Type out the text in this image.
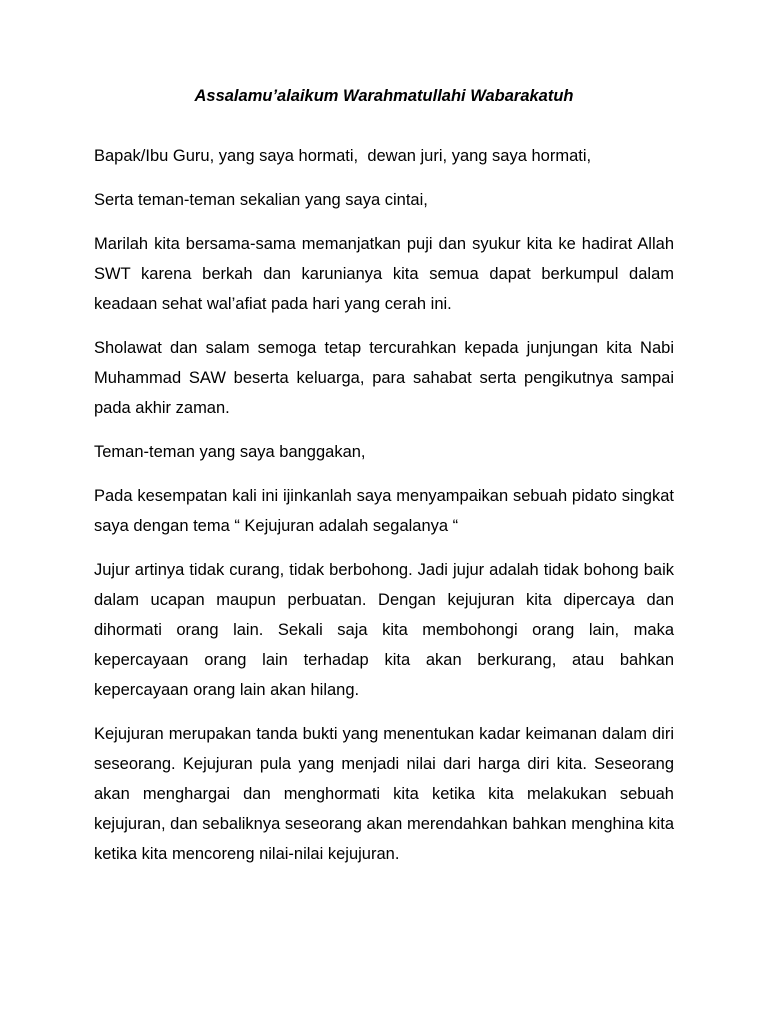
Assalamu’alaikum Warahmatullahi Wabarakatuh

Bapak/Ibu Guru, yang saya hormati,  dewan juri, yang saya hormati,

Serta teman-teman sekalian yang saya cintai,

Marilah kita bersama-sama memanjatkan puji dan syukur kita ke hadirat Allah SWT karena berkah dan karunianya kita semua dapat berkumpul dalam keadaan sehat wal’afiat pada hari yang cerah ini.

Sholawat dan salam semoga tetap tercurahkan kepada junjungan kita Nabi Muhammad SAW beserta keluarga, para sahabat serta pengikutnya sampai pada akhir zaman.

Teman-teman yang saya banggakan,

Pada kesempatan kali ini ijinkanlah saya menyampaikan sebuah pidato singkat saya dengan tema “ Kejujuran adalah segalanya “

Jujur artinya tidak curang, tidak berbohong. Jadi jujur adalah tidak bohong baik dalam ucapan maupun perbuatan. Dengan kejujuran kita dipercaya dan dihormati orang lain. Sekali saja kita membohongi orang lain, maka kepercayaan orang lain terhadap kita akan berkurang, atau bahkan kepercayaan orang lain akan hilang.

Kejujuran merupakan tanda bukti yang menentukan kadar keimanan dalam diri seseorang. Kejujuran pula yang menjadi nilai dari harga diri kita. Seseorang akan menghargai dan menghormati kita ketika kita melakukan sebuah kejujuran, dan sebaliknya seseorang akan merendahkan bahkan menghina kita ketika kita mencoreng nilai-nilai kejujuran.
